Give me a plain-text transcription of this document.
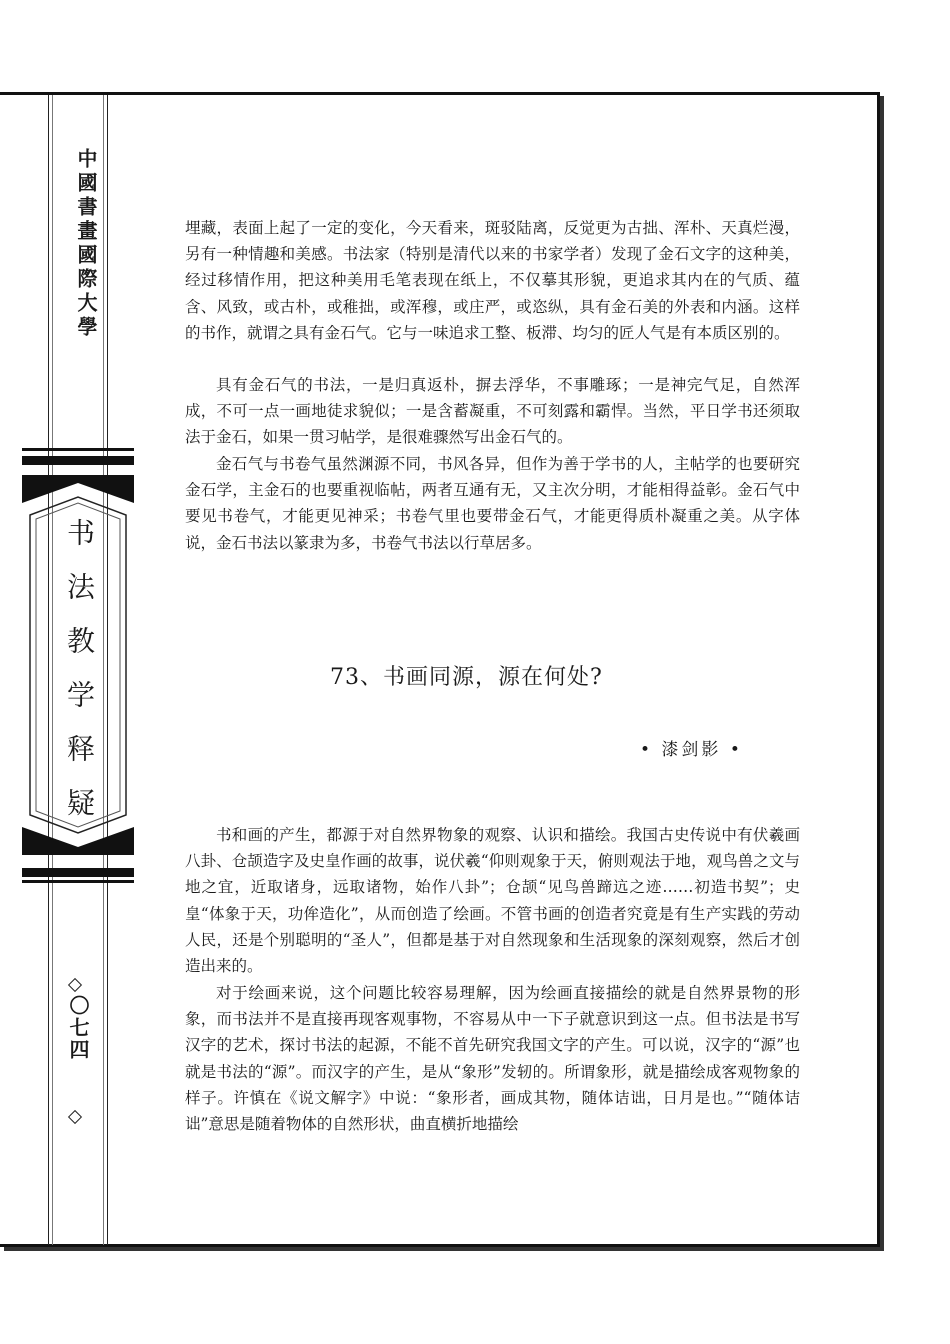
中國書畫國際大學
书法教学释疑
〇七四

埋藏，表面上起了一定的变化，今天看来，斑驳陆离，反觉更为古拙、浑朴、天真烂漫，另有一种情趣和美感。书法家（特别是清代以来的书家学者）发现了金石文字的这种美，经过移情作用，把这种美用毛笔表现在纸上，不仅摹其形貌，更追求其内在的气质、蕴含、风致，或古朴，或稚拙，或浑穆，或庄严，或恣纵，具有金石美的外表和内涵。这样的书作，就谓之具有金石气。它与一味追求工整、板滞、均匀的匠人气是有本质区别的。

具有金石气的书法，一是归真返朴，摒去浮华，不事雕琢；一是神完气足，自然浑成，不可一点一画地徒求貌似；一是含蓄凝重，不可刻露和霸悍。当然，平日学书还须取法于金石，如果一贯习帖学，是很难骤然写出金石气的。

金石气与书卷气虽然渊源不同，书风各异，但作为善于学书的人，主帖学的也要研究金石学，主金石的也要重视临帖，两者互通有无，又主次分明，才能相得益彰。金石气中要见书卷气，才能更见神采；书卷气里也要带金石气，才能更得质朴凝重之美。从字体说，金石书法以篆隶为多，书卷气书法以行草居多。

73、书画同源，源在何处?
• 漆剑影 •

书和画的产生，都源于对自然界物象的观察、认识和描绘。我国古史传说中有伏羲画八卦、仓颉造字及史皇作画的故事，说伏羲“仰则观象于天，俯则观法于地，观鸟兽之文与地之宜，近取诸身，远取诸物，始作八卦”；仓颉“见鸟兽蹄迒之迹……初造书契”；史皇“体象于天，功侔造化”，从而创造了绘画。不管书画的创造者究竟是有生产实践的劳动人民，还是个别聪明的“圣人”，但都是基于对自然现象和生活现象的深刻观察，然后才创造出来的。

对于绘画来说，这个问题比较容易理解，因为绘画直接描绘的就是自然界景物的形象，而书法并不是直接再现客观事物，不容易从中一下子就意识到这一点。但书法是书写汉字的艺术，探讨书法的起源，不能不首先研究我国文字的产生。可以说，汉字的“源”也就是书法的“源”。而汉字的产生，是从“象形”发轫的。所谓象形，就是描绘成客观物象的样子。许慎在《说文解字》中说：“象形者，画成其物，随体诘诎，日月是也。”“随体诘诎”意思是随着物体的自然形状，曲直横折地描绘
